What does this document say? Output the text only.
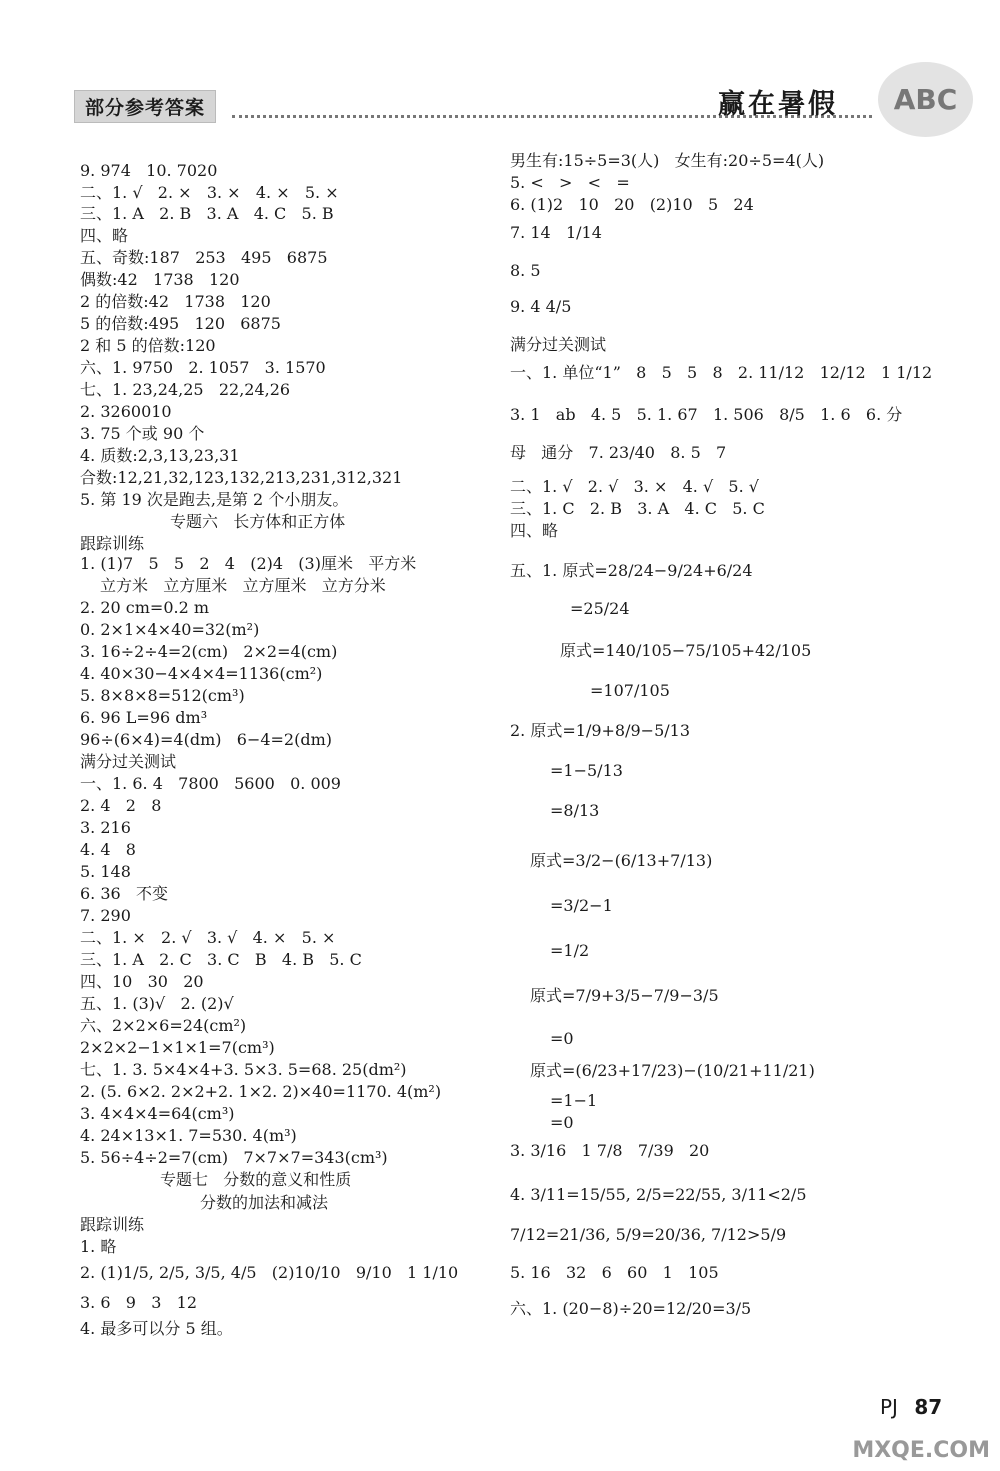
部分参考答案	赢在暑假	ABC
9. 974   10. 7020
二、1. √   2. ×   3. ×   4. ×   5. ×
三、1. A   2. B   3. A   4. C   5. B
四、略
五、奇数:187   253   495   6875
偶数:42   1738   120
2 的倍数:42   1738   120
5 的倍数:495   120   6875
2 和 5 的倍数:120
六、1. 9750   2. 1057   3. 1570
七、1. 23,24,25   22,24,26
2. 3260010
3. 75 个或 90 个
4. 质数:2,3,13,23,31
合数:12,21,32,123,132,213,231,312,321
5. 第 19 次是跑去,是第 2 个小朋友。
专题六   长方体和正方体
跟踪训练
1. (1)7   5   5   2   4   (2)4   (3)厘米   平方米
立方米   立方厘米   立方厘米   立方分米
2. 20 cm=0.2 m
0. 2×1×4×40=32(m²)
3. 16÷2÷4=2(cm)   2×2=4(cm)
4. 40×30−4×4×4=1136(cm²)
5. 8×8×8=512(cm³)
6. 96 L=96 dm³
96÷(6×4)=4(dm)   6−4=2(dm)
满分过关测试
一、1. 6. 4   7800   5600   0. 009
2. 4   2   8
3. 216
4. 4   8
5. 148
6. 36   不变
7. 290
二、1. ×   2. √   3. √   4. ×   5. ×
三、1. A   2. C   3. C   B   4. B   5. C
四、10   30   20
五、1. (3)√   2. (2)√
六、2×2×6=24(cm²)
2×2×2−1×1×1=7(cm³)
七、1. 3. 5×4×4+3. 5×3. 5=68. 25(dm²)
2. (5. 6×2. 2×2+2. 1×2. 2)×40=1170. 4(m²)
3. 4×4×4=64(cm³)
4. 24×13×1. 7=530. 4(m³)
5. 56÷4÷2=7(cm)   7×7×7=343(cm³)
专题七   分数的意义和性质
分数的加法和减法
跟踪训练
1. 略
2. (1)1/5, 2/5, 3/5, 4/5   (2)10/10   9/10   1 1/10
3. 6   9   3   12
4. 最多可以分 5 组。
男生有:15÷5=3(人)   女生有:20÷5=4(人)
5. <   >   <   =
6. (1)2   10   20   (2)10   5   24
7. 14   1/14
8. 5
9. 4 4/5
满分过关测试
一、1. 单位“1”   8   5   5   8   2. 11/12   12/12   1 1/12
3. 1   ab   4. 5   5. 1. 67   1. 506   8/5   1. 6   6. 分
母   通分   7. 23/40   8. 5   7
二、1. √   2. √   3. ×   4. √   5. √
三、1. C   2. B   3. A   4. C   5. C
四、略
五、1. 原式=28/24−9/24+6/24
=25/24
原式=140/105−75/105+42/105
=107/105
2. 原式=1/9+8/9−5/13
=1−5/13
=8/13
原式=3/2−(6/13+7/13)
=3/2−1
=1/2
原式=7/9+3/5−7/9−3/5
=0
原式=(6/23+17/23)−(10/21+11/21)
=1−1
=0
3. 3/16   1 7/8   7/39   20
4. 3/11=15/55, 2/5=22/55, 3/11<2/5
7/12=21/36, 5/9=20/36, 7/12>5/9
5. 16   32   6   60   1   105
六、1. (20−8)÷20=12/20=3/5
PJ 87
MXQE.COM
